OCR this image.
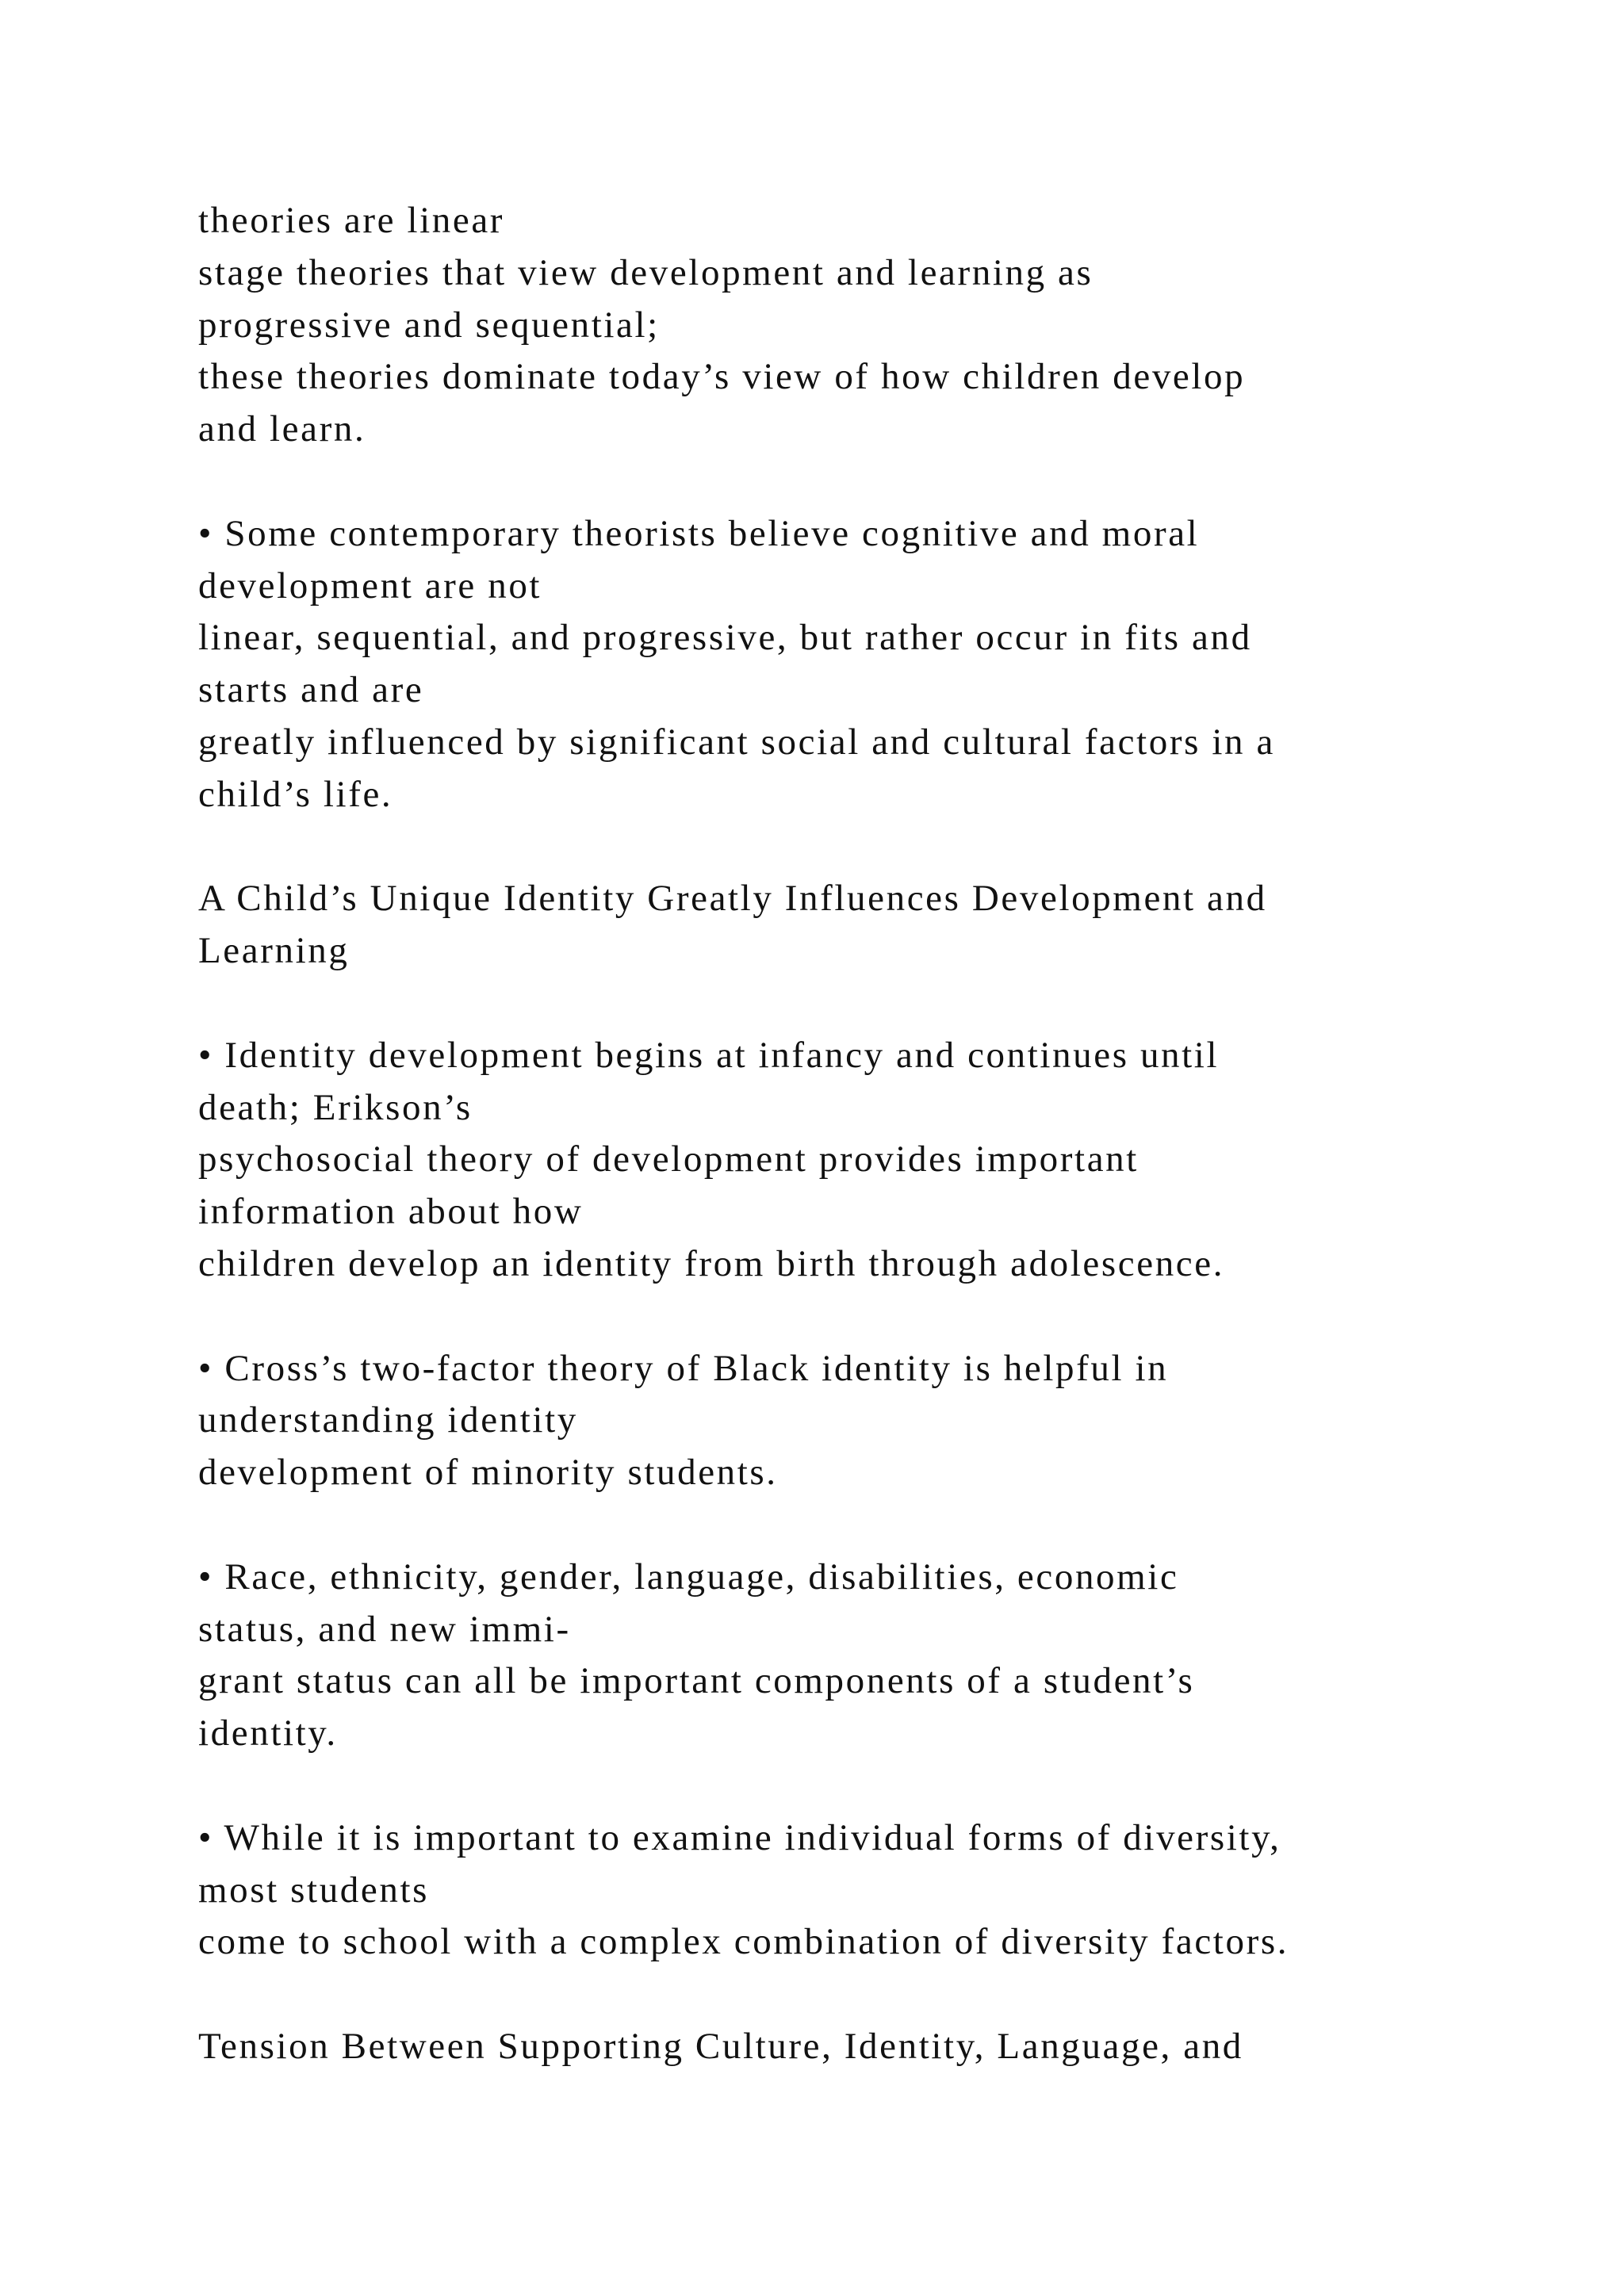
theories are linear
stage theories that view development and learning as
progressive and sequential;
these theories dominate today’s view of how children develop
and learn.

• Some contemporary theorists believe cognitive and moral
development are not
linear, sequential, and progressive, but rather occur in fits and
starts and are
greatly influenced by significant social and cultural factors in a
child’s life.

A Child’s Unique Identity Greatly Influences Development and
Learning

• Identity development begins at infancy and continues until
death; Erikson’s
psychosocial theory of development provides important
information about how
children develop an identity from birth through adolescence.

• Cross’s two-factor theory of Black identity is helpful in
understanding identity
development of minority students.

• Race, ethnicity, gender, language, disabilities, economic
status, and new immi-
grant status can all be important components of a student’s
identity.

• While it is important to examine individual forms of diversity,
most students
come to school with a complex combination of diversity factors.

Tension Between Supporting Culture, Identity, Language, and
